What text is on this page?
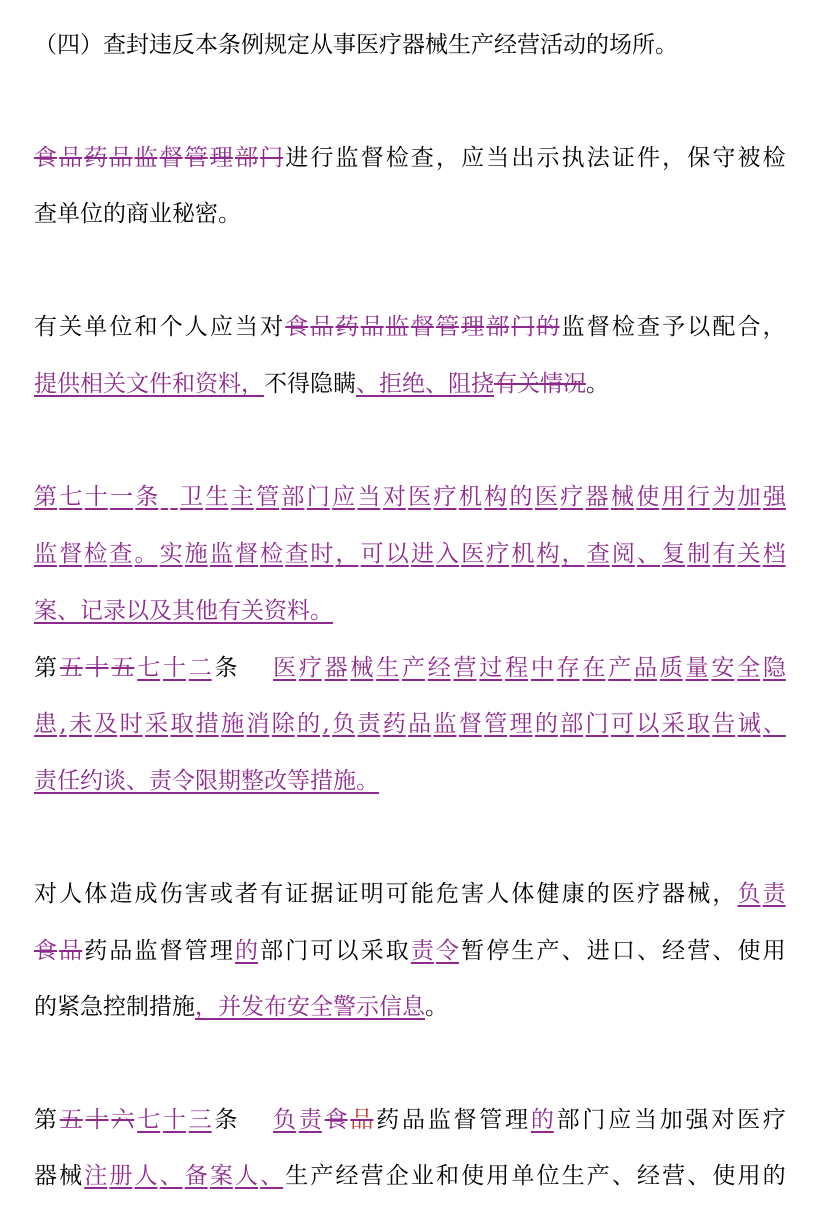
（ 四 ） 查 封 违 反 本 条 例 规 定 从 事 医 疗 器 械 生 产 经 营 活 动 的 场 所 。
食 品 药 品 监 督 管 理 部 门 进 行 监 督 检 查 ， 应 当 出 示 执 法 证 件 ， 保 守 被 检
查 单 位 的 商 业 秘 密 。
有 关 单 位 和 个 人 应 当 对 食 品 药 品 监 督 管 理 部 门 的 监 督 检 查 予 以 配 合 ，
提 供 相 关 文 件 和 资 料 ， 不 得 隐 瞒 、 拒 绝 、 阻 挠 有 关 情 况 。
第 七 十 一 条

卫 生 主 管 部 门 应 当 对 医 疗 机 构 的 医 疗 器 械 使 用 行 为 加 强
监 督 检 查 。 实 施 监 督 检 查 时 ， 可 以 进 入 医 疗 机 构 ， 查 阅 、 复 制 有 关 档
案 、 记 录 以 及 其 他 有 关 资 料 。
第 五 十 五 七 十 二 条 医 疗 器 械 生 产 经 营 过 程 中 存 在 产 品 质 量 安 全 隐
患 , 未 及 时 采 取 措 施 消 除 的 , 负 责 药 品 监 督 管 理 的 部 门 可 以 采 取 告 诫 、
责 任 约 谈 、 责 令 限 期 整 改 等 措 施 。
对 人 体 造 成 伤 害 或 者 有 证 据 证 明 可 能 危 害 人 体 健 康 的 医 疗 器 械 ， 负 责
食 品 药 品 监 督 管 理 的 部 门 可 以 采 取 责 令 暂 停 生 产 、 进 口 、 经 营 、 使 用
的 紧 急 控 制 措 施 ， 并 发 布 安 全 警 示 信 息 。
第 五 十 六 七 十 三 条 负 责 食 品 药 品 监 督 管 理 的 部 门 应 当 加 强 对 医 疗
器 械 注 册 人 、 备 案 人 、 生 产 经 营 企 业 和 使 用 单 位 生 产 、 经 营 、 使 用 的
